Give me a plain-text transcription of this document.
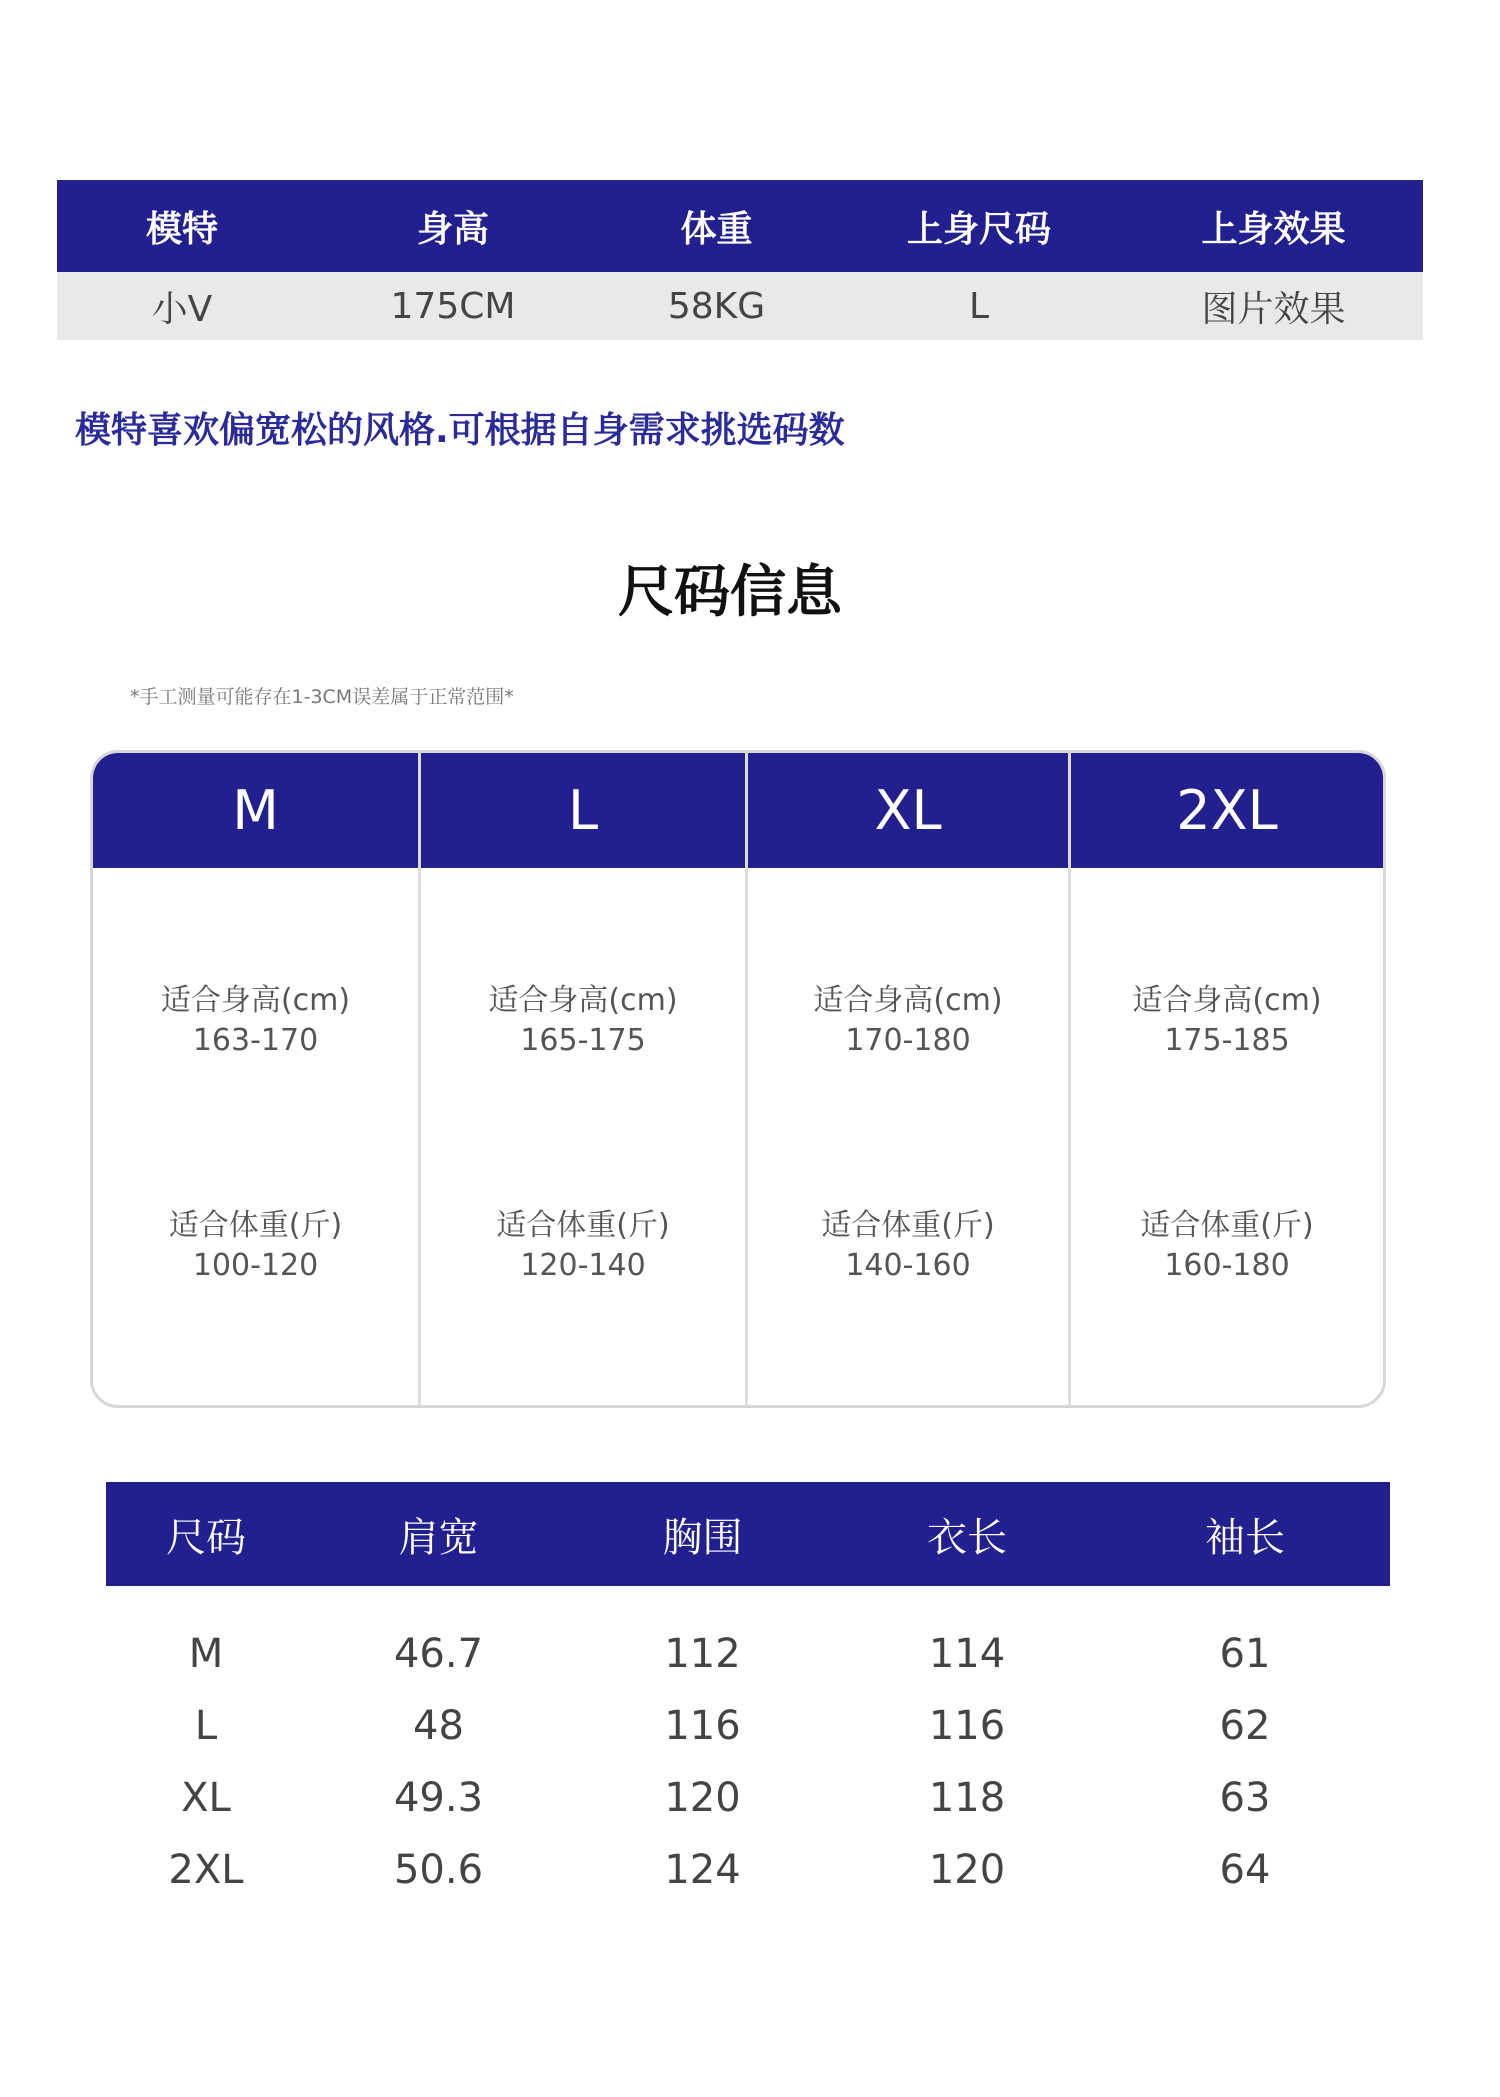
模特	身高	体重	上身尺码	上身效果
小V	175CM	58KG	L	图片效果
模特喜欢偏宽松的风格.可根据自身需求挑选码数
尺码信息
*手工测量可能存在1-3CM误差属于正常范围*
M
适合身高(cm)
163-170
适合体重(斤)
100-120
L
适合身高(cm)
165-175
适合体重(斤)
120-140
XL
适合身高(cm)
170-180
适合体重(斤)
140-160
2XL
适合身高(cm)
175-185
适合体重(斤)
160-180
尺码	肩宽	胸围	衣长	袖长
M	46.7	112	114	61
L	48	116	116	62
XL	49.3	120	118	63
2XL	50.6	124	120	64
